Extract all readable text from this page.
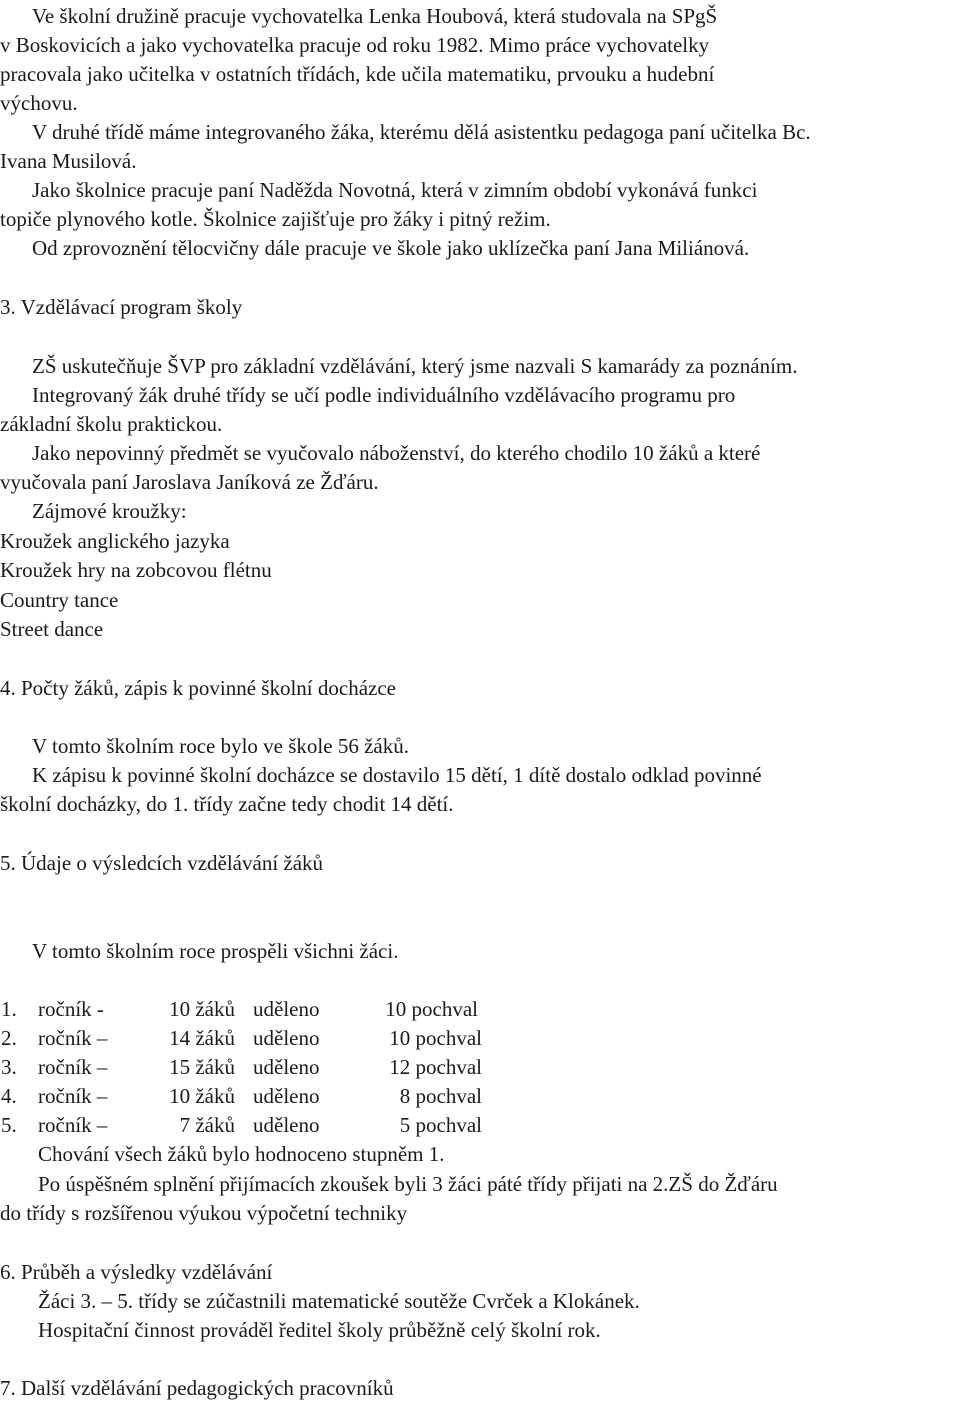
Ve školní družině pracuje vychovatelka Lenka Houbová, která studovala na SPgŠ
v Boskovicích a jako vychovatelka pracuje od roku 1982. Mimo práce vychovatelky
pracovala jako učitelka v ostatních třídách, kde učila matematiku, prvouku a hudební
výchovu.
V druhé třídě máme integrovaného žáka, kterému dělá asistentku pedagoga paní učitelka Bc.
Ivana Musilová.
Jako školnice pracuje paní Naděžda Novotná, která v zimním období vykonává funkci
topiče plynového kotle. Školnice zajišťuje pro žáky i pitný režim.
Od zprovoznění tělocvičny dále pracuje ve škole jako uklízečka paní Jana Miliánová.
3. Vzdělávací program školy
ZŠ uskutečňuje ŠVP pro základní vzdělávání, který jsme nazvali S kamarády za poznáním.
Integrovaný žák druhé třídy se učí podle individuálního vzdělávacího programu pro
základní školu praktickou.
Jako nepovinný předmět se vyučovalo náboženství, do kterého chodilo 10 žáků a které
vyučovala paní Jaroslava Janíková ze Žďáru.
Zájmové kroužky:
Kroužek anglického jazyka
Kroužek hry na zobcovou flétnu
Country tance
Street dance
4. Počty žáků, zápis k povinné školní docházce
V tomto školním roce bylo ve škole 56 žáků.
K zápisu k povinné školní docházce se dostavilo 15 dětí, 1 dítě dostalo odklad povinné
školní docházky, do 1. třídy začne tedy chodit 14 dětí.
5. Údaje o výsledcích vzdělávání žáků
V tomto školním roce prospěli všichni žáci.
1. ročník -	10 žáků uděleno	10 pochval
2. ročník –	14 žáků uděleno	10 pochval
3. ročník –	15 žáků uděleno	12 pochval
4. ročník –	10 žáků uděleno	8 pochval
5. ročník –	7 žáků uděleno	5 pochval
Chování všech žáků bylo hodnoceno stupněm 1.
Po úspěšném splnění přijímacích zkoušek byli 3 žáci páté třídy přijati na 2.ZŠ do Žďáru
do třídy s rozšířenou výukou výpočetní techniky
6. Průběh a výsledky vzdělávání
Žáci 3. – 5. třídy se zúčastnili matematické soutěže Cvrček a Klokánek.
Hospitační činnost prováděl ředitel školy průběžně celý školní rok.
7. Další vzdělávání pedagogických pracovníků
